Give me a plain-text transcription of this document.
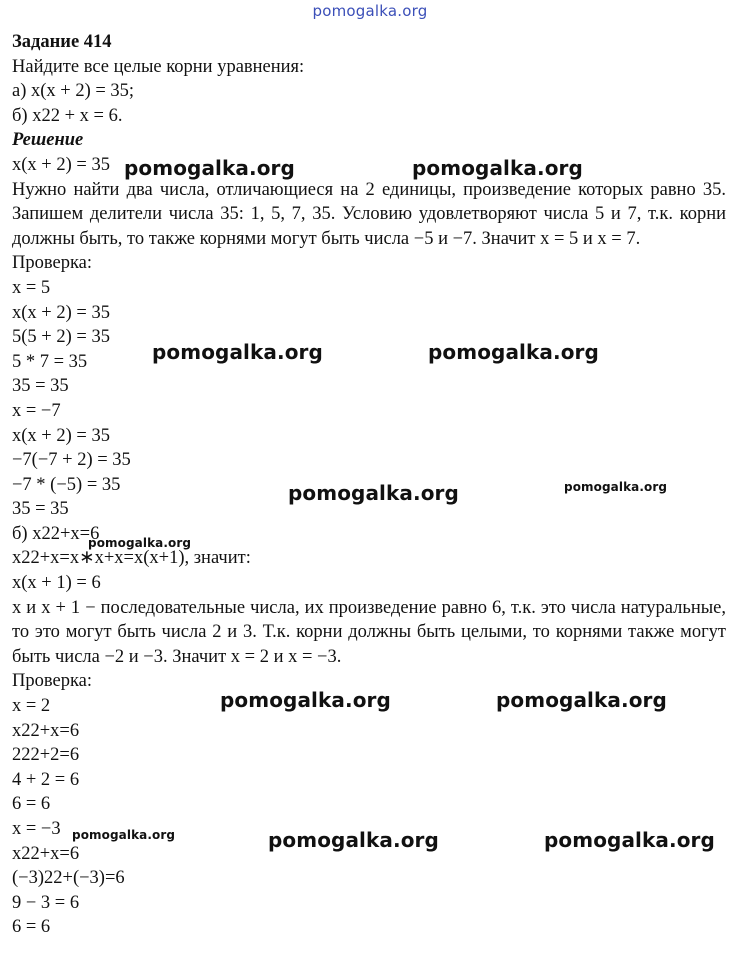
pomogalka.org
Задание 414
Найдите все целые корни уравнения:
а) x(x + 2) = 35;
б) x22 + x = 6.
Решение
x(x + 2) = 35
Нужно найти два числа, отличающиеся на 2 единицы, произведение которых равно 35. Запишем делители числа 35: 1, 5, 7, 35. Условию удовлетворяют числа 5 и 7, т.к. корни должны быть, то также корнями могут быть числа −5 и −7. Значит x = 5 и x = 7.
Проверка:
x = 5
x(x + 2) = 35
5(5 + 2) = 35
5 * 7 = 35
35 = 35
x = −7
x(x + 2) = 35
−7(−7 + 2) = 35
−7 * (−5) = 35
35 = 35
б) x22+x=6
x22+x=x∗x+x=x(x+1), значит:
x(x + 1) = 6
x и x + 1 − последовательные числа, их произведение равно 6, т.к. это числа натуральные, то это могут быть числа 2 и 3. Т.к. корни должны быть целыми, то корнями также могут быть числа −2 и −3. Значит x = 2 и x = −3.
Проверка:
x = 2
x22+x=6
222+2=6
4 + 2 = 6
6 = 6
x = −3
x22+x=6
(−3)22+(−3)=6
9 − 3 = 6
6 = 6
pomogalka.org	pomogalka.org
pomogalka.org	pomogalka.org
pomogalka.org	pomogalka.org
pomogalka.org
pomogalka.org	pomogalka.org
pomogalka.org	pomogalka.org
pomogalka.org
